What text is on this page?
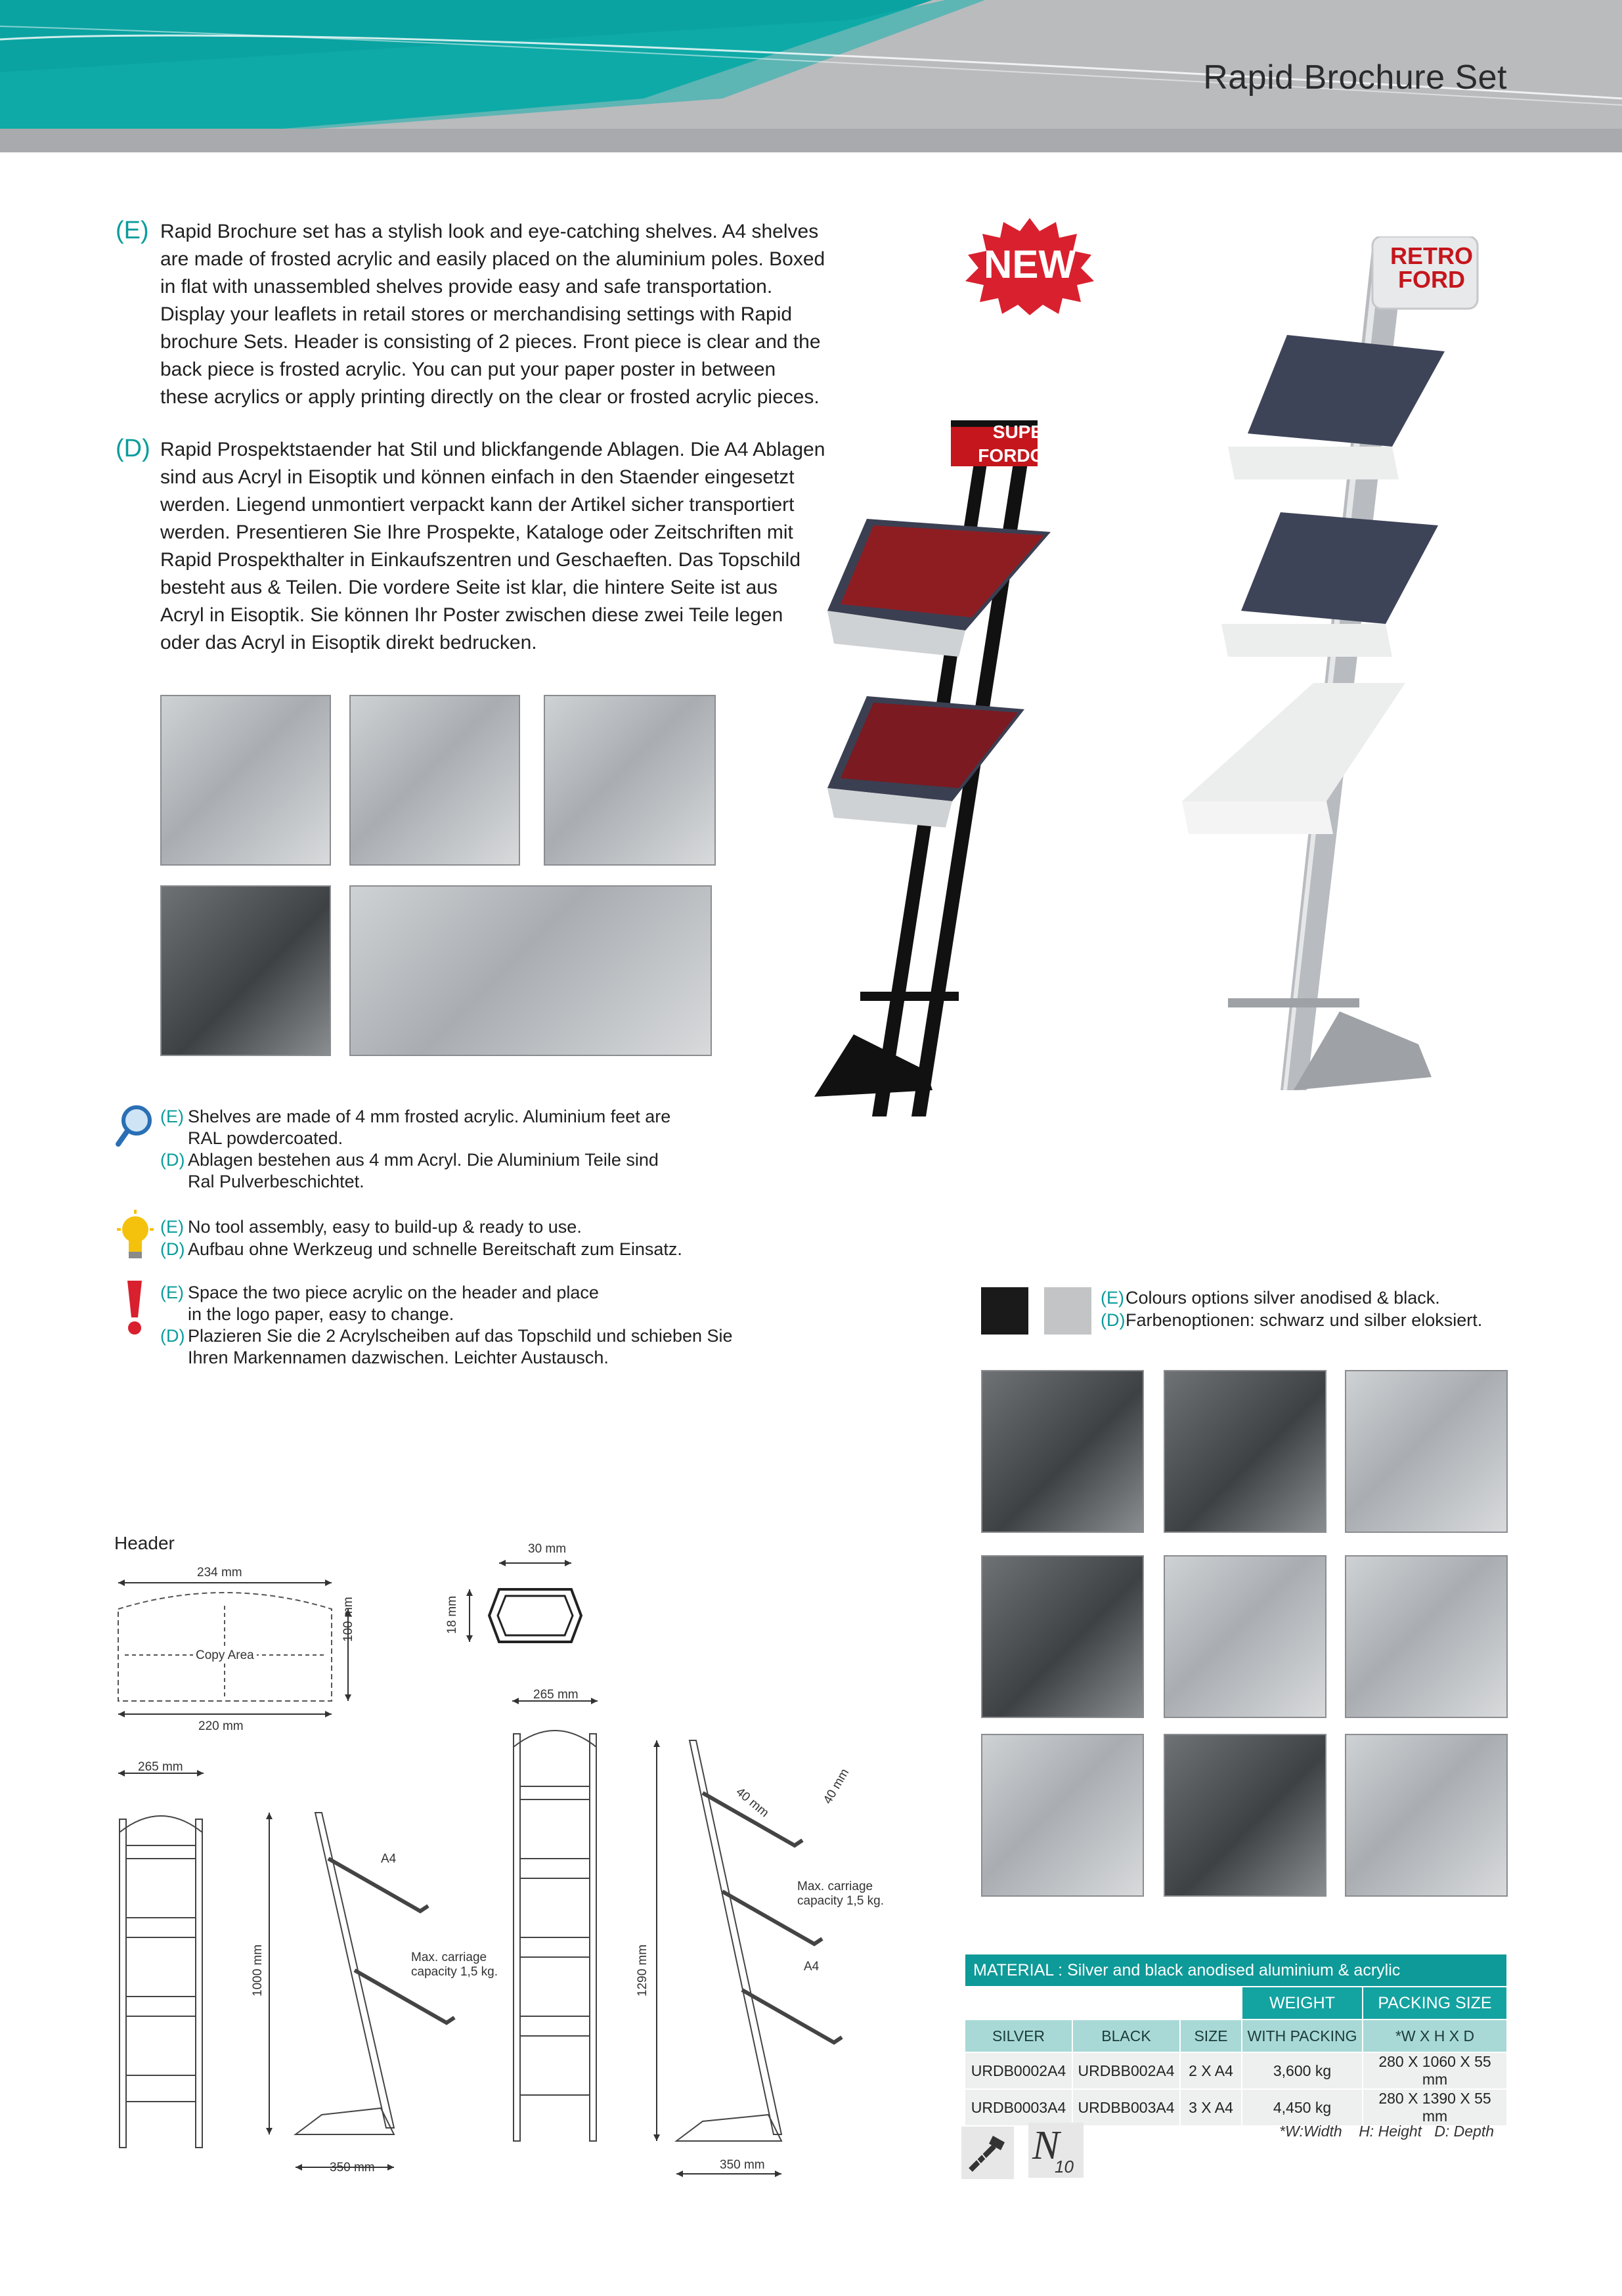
Rapid Brochure Set
(E) Rapid Brochure set has a stylish look and eye-catching shelves. A4 shelves
are made of frosted acrylic and easily placed on the aluminium poles. Boxed
in flat with unassembled shelves provide easy and safe transportation.
Display your leaflets in retail stores or merchandising settings with Rapid
brochure Sets. Header is consisting of 2 pieces. Front piece is clear and the
back piece is frosted acrylic. You can put your paper poster in between
these acrylics or apply printing directly on the clear or frosted acrylic pieces.
(D) Rapid Prospektstaender hat Stil und blickfangende Ablagen. Die A4 Ablagen
sind aus Acryl in Eisoptik und können einfach in den Staender eingesetzt
werden. Liegend unmontiert verpackt kann der Artikel sicher transportiert
werden. Presentieren Sie Ihre Prospekte, Kataloge oder Zeitschriften mit
Rapid Prospekthalter in Einkaufszentren und Geschaeften. Das Topschild
besteht aus & Teilen. Die vordere Seite ist klar, die hintere Seite ist aus
Acryl in Eisoptik. Sie können Ihr Poster zwischen diese zwei Teile legen
oder das Acryl in Eisoptik direkt bedrucken.
NEW
SUPER
FORDORD
RETRO
FORD
(E) Shelves are made of 4 mm frosted acrylic. Aluminium feet are
RAL powdercoated.
(D) Ablagen bestehen aus 4 mm Acryl. Die Aluminium Teile sind
Ral Pulverbeschichtet.
(E) No tool assembly, easy to build-up & ready to use.
(D) Aufbau ohne Werkzeug und schnelle Bereitschaft zum Einsatz.
(E) Space the two piece acrylic on the header and place
in the logo paper, easy to change.
(D) Plazieren Sie die 2 Acrylscheiben auf das Topschild und schieben Sie
Ihren Markennamen dazwischen. Leichter Austausch.
(E) Colours options silver anodised & black.
(D) Farbenoptionen: schwarz und silber eloksiert.
Header
234 mm
Copy Area
220 mm
100 mm
30 mm
18 mm
265 mm
A4
Max. carriage
capacity 1,5 kg.
1000 mm
350 mm
265 mm
40 mm	40 mm
Max. carriage
capacity 1,5 kg.
A4
1290 mm
350 mm
MATERIAL : Silver and black anodised aluminium & acrylic				
			WEIGHT	PACKING SIZE
SILVER	BLACK	SIZE	WITH PACKING	*W X H X D
URDB0002A4	URDBB002A4	2 X A4	3,600 kg	280 X 1060 X 55 mm
URDB0003A4	URDBB003A4	3 X A4	4,450 kg	280 X 1390 X 55 mm
*W:Width    H: Height   D: Depth
N
10
